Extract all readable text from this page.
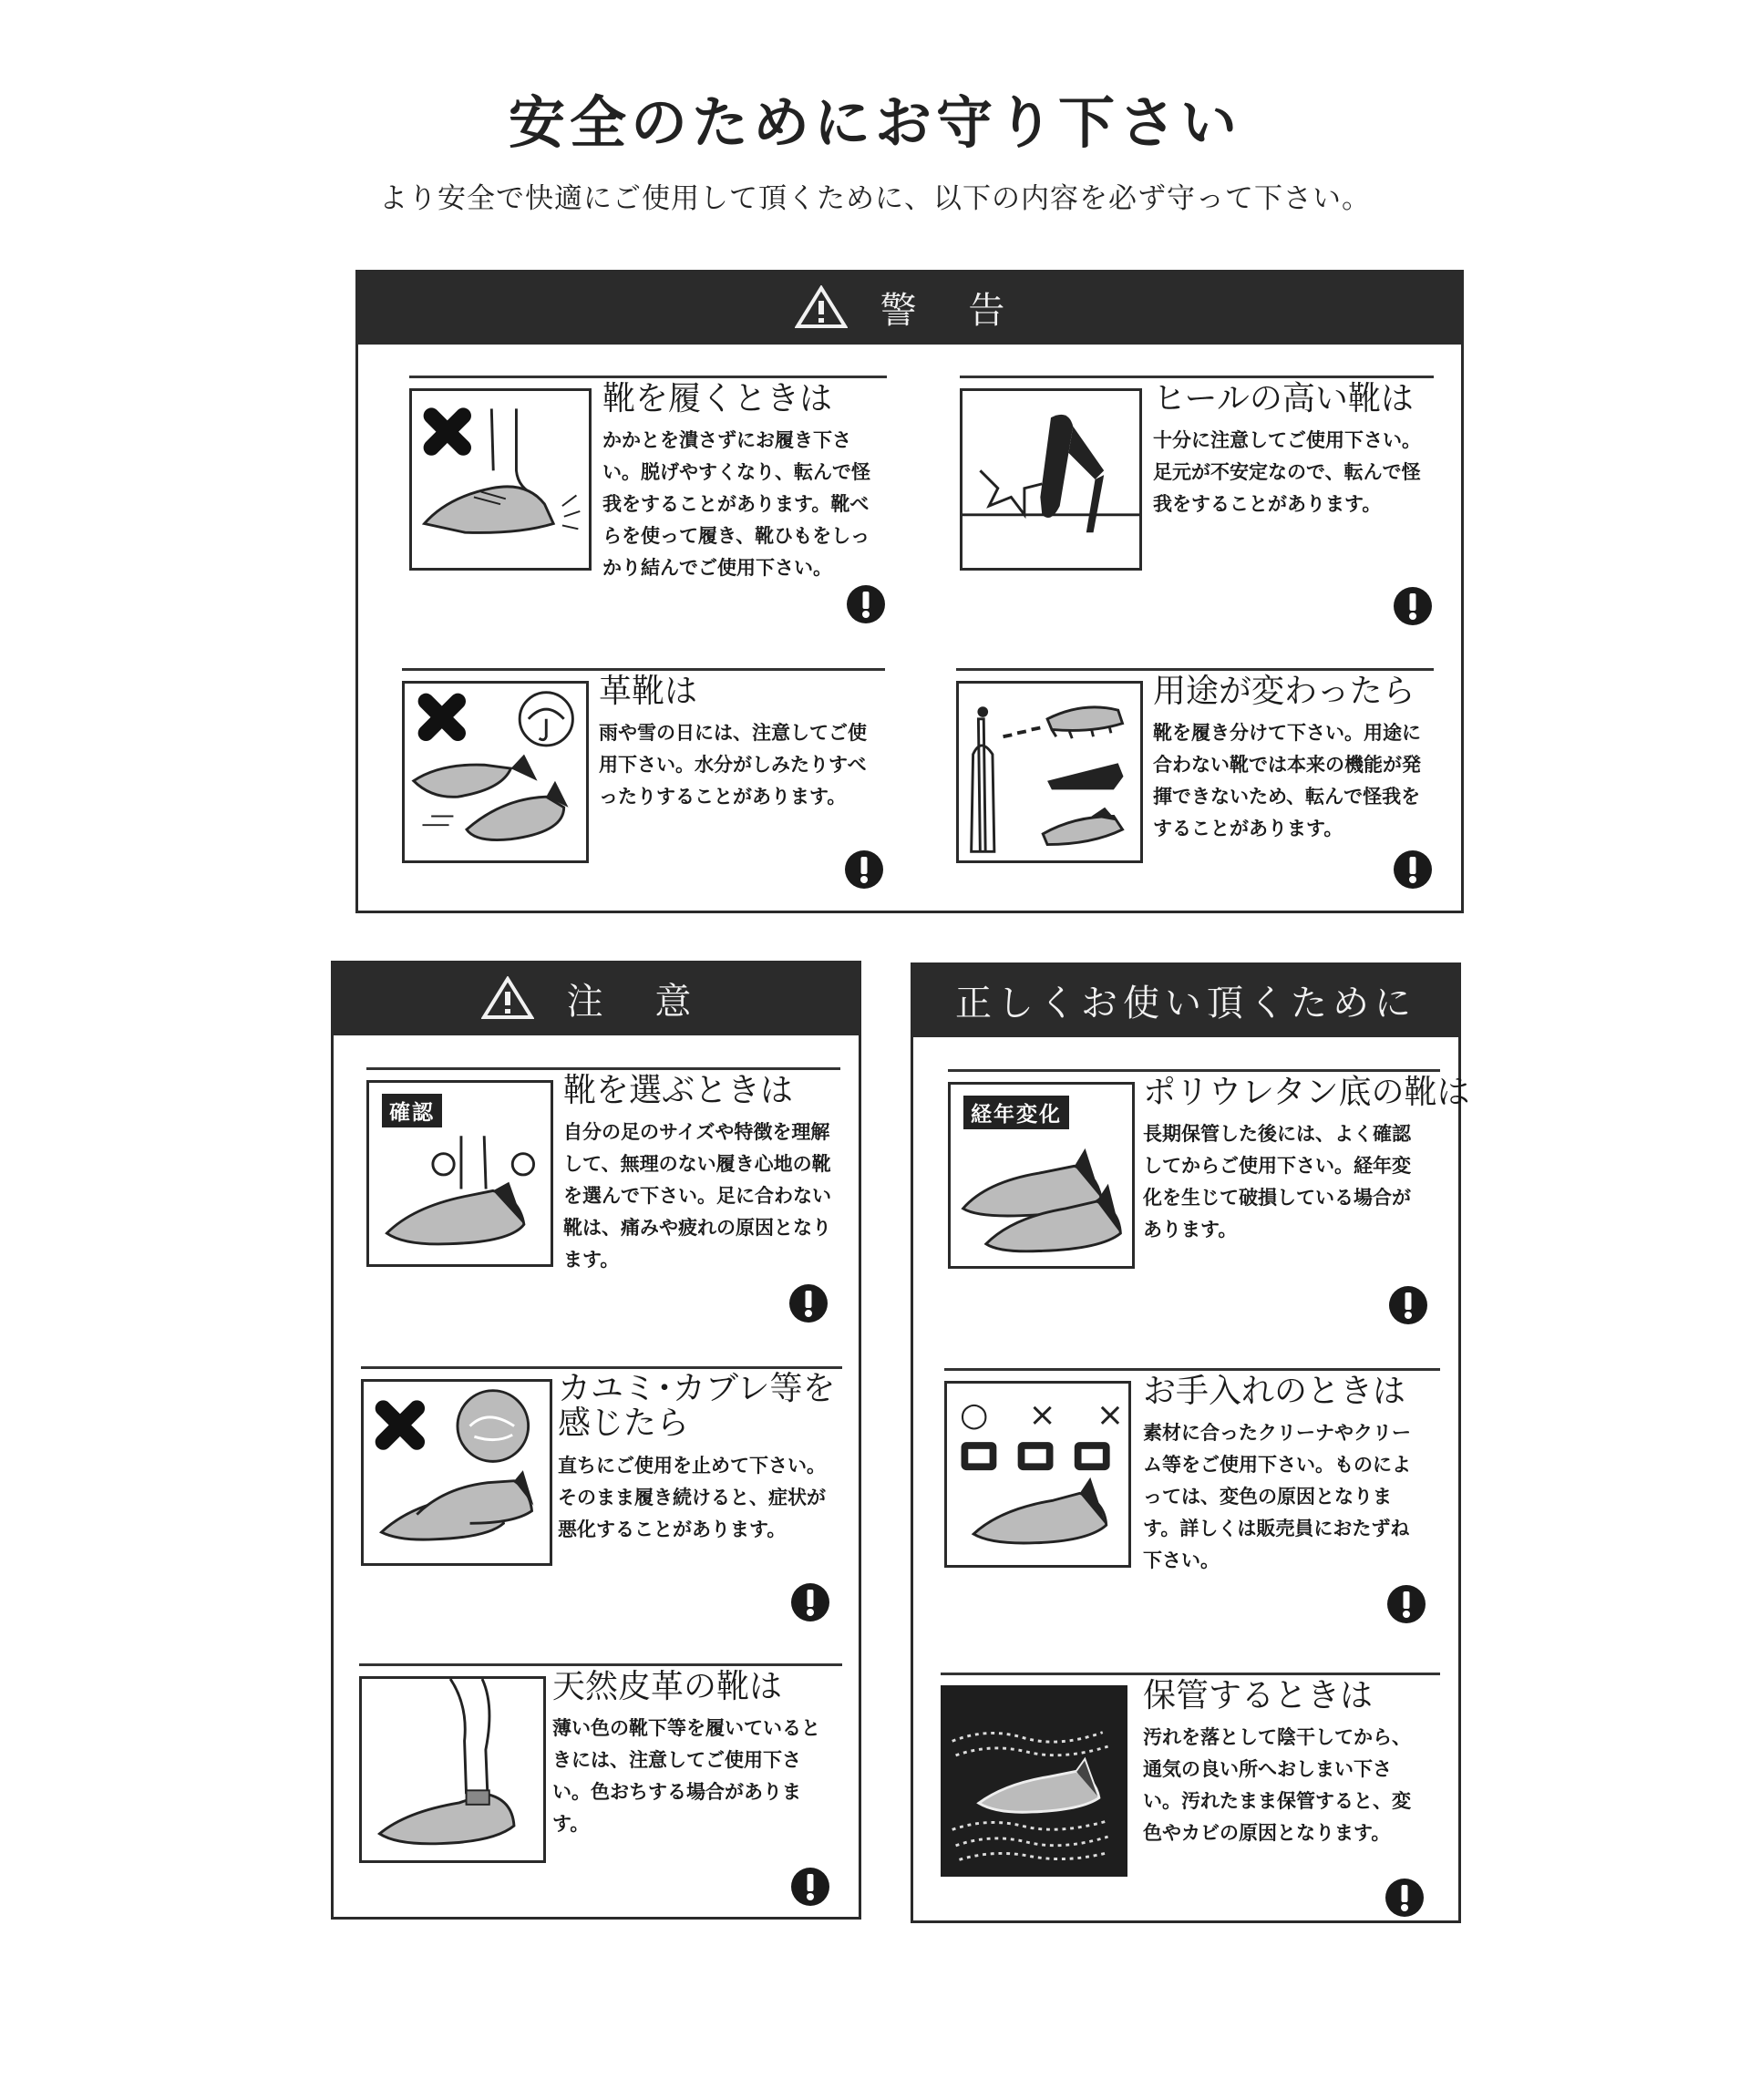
安全のためにお守り下さい
より安全で快適にご使用して頂くために、以下の内容を必ず守って下さい。
警 告
靴を履くときは
かかとを潰さずにお履き下さい。脱げやすくなり、転んで怪我をすることがあります。靴べらを使って履き、靴ひもをしっかり結んでご使用下さい。
ヒールの高い靴は
十分に注意してご使用下さい。足元が不安定なので、転んで怪我をすることがあります。
革靴は
雨や雪の日には、注意してご使用下さい。水分がしみたりすべったりすることがあります。
用途が変わったら
靴を履き分けて下さい。用途に合わない靴では本来の機能が発揮できないため、転んで怪我をすることがあります。
注 意
確認
靴を選ぶときは
自分の足のサイズや特徴を理解して、無理のない履き心地の靴を選んで下さい。足に合わない靴は、痛みや疲れの原因となります。
カユミ･カブレ等を
感じたら
直ちにご使用を止めて下さい。そのまま履き続けると、症状が悪化することがあります。
天然皮革の靴は
薄い色の靴下等を履いているときには、注意してご使用下さい。色おちする場合があります。
正しくお使い頂くために
経年変化
ポリウレタン底の靴は
長期保管した後には、よく確認してからご使用下さい。経年変化を生じて破損している場合があります。
○ × ×
お手入れのときは
素材に合ったクリーナやクリーム等をご使用下さい。ものによっては、変色の原因となります。詳しくは販売員におたずね下さい。
保管するときは
汚れを落として陰干してから、通気の良い所へおしまい下さい。汚れたまま保管すると、変色やカビの原因となります。
